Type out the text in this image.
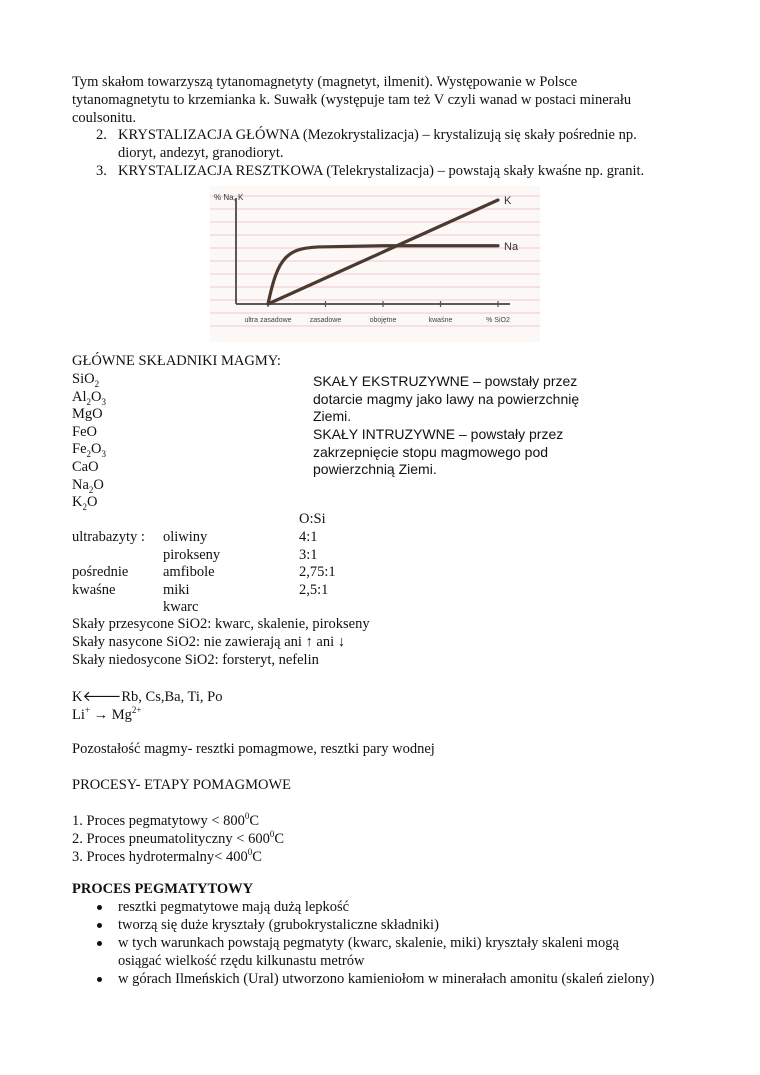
Tym skałom towarzyszą tytanomagnetyty (magnetyt, ilmenit). Występowanie w Polsce
tytanomagnetytu to krzemianka k. Suwałk (występuje tam też V czyli wanad w postaci minerału
coulsonitu.
2. KRYSTALIZACJA GŁÓWNA (Mezokrystalizacja) – krystalizują się skały pośrednie np.
dioryt, andezyt, granodioryt.
3. KRYSTALIZACJA RESZTKOWA (Telekrystalizacja) – powstają skały kwaśne np. granit.
% Na, K
ultra zasadowe	zasadowe	obojętne	kwaśne	% SiO2
K
Na
GŁÓWNE SKŁADNIKI MAGMY:
SiO$_2$
$Al_2O_3$
MgO
FeO
$Fe_2O_3$
CaO
$Na_2O$
$K_2O$
SKAŁY EKSTRUZYWNE – powstały przez
dotarcie magmy jako lawy na powierzchnię
Ziemi.
SKAŁY INTRUZYWNE – powstały przez
zakrzepnięcie stopu magmowego pod
powierzchnią Ziemi.
O:Si
ultrabazyty : oliwiny	4:1
pirokseny	3:1
pośrednie amfibole	2,75:1
kwaśne	miki	2,5:1
kwarc
Skały przesycone SiO2: kwarc, skalenie, pirokseny
Skały nasycone SiO2: nie zawierają ani ↑ ani ↓
Skały niedosycone SiO2: forsteryt, nefelin
K🡐Rb, Cs,Ba, Ti, Po
$Li^+ \to Mg^{2+}$
Pozostałość magmy- resztki pomagmowe, resztki pary wodnej
PROCESY- ETAPY POMAGMOWE
1. Proces pegmatytowy < $800^0C$
2. Proces pneumatolityczny < $600^0C$
3. Proces hydrotermalny< $400^0C$
PROCES PEGMATYTOWY
resztki pegmatytowe mają dużą lepkość
tworzą się duże kryształy (grubokrystaliczne składniki)
w tych warunkach powstają pegmatyty (kwarc, skalenie, miki) kryształy skaleni mogą
osiągać wielkość rzędu kilkunastu metrów
w górach Ilmeńskich (Ural) utworzono kamieniołom w minerałach amonitu (skaleń zielony)
